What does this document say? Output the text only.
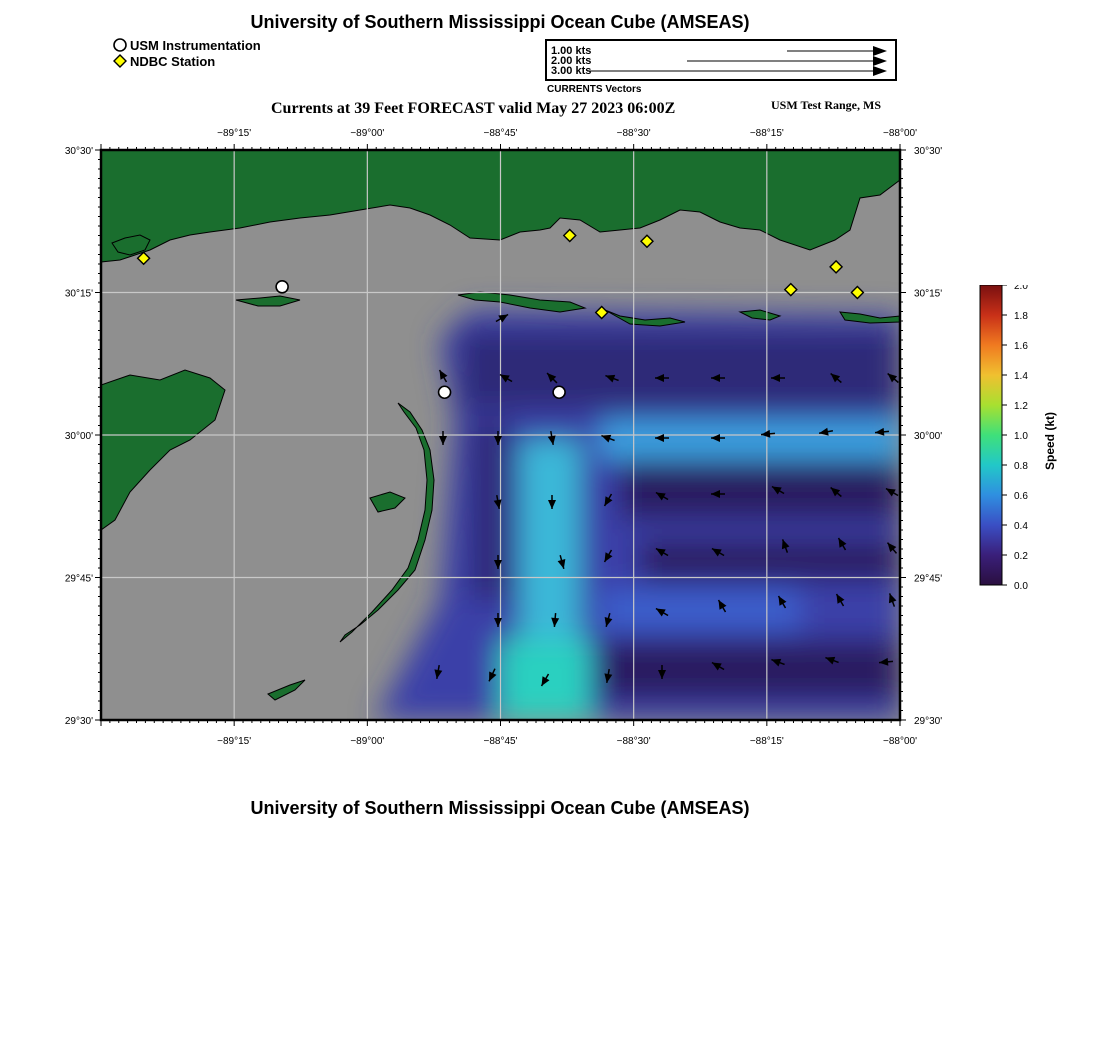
University of Southern Mississippi Ocean Cube (AMSEAS)
USM Instrumentation
NDBC Station
1.00 kts
2.00 kts
3.00 kts
CURRENTS Vectors
Currents at 39 Feet FORECAST valid May 27 2023 06:00Z	USM Test Range, MS
−89°15'
−89°15'
−89°00'
−89°00'
−88°45'
−88°45'
−88°30'
−88°30'
−88°15'
−88°15'
−88°00'
−88°00'
30°30'	30°30'
30°15'	30°15'
30°00'	30°00'
29°45'	29°45'
29°30'	29°30'
0.0
0.2
0.4
0.6
0.8
1.0
1.2
1.4
1.6
1.8
2.0
Speed (kt)
University of Southern Mississippi Ocean Cube (AMSEAS)
